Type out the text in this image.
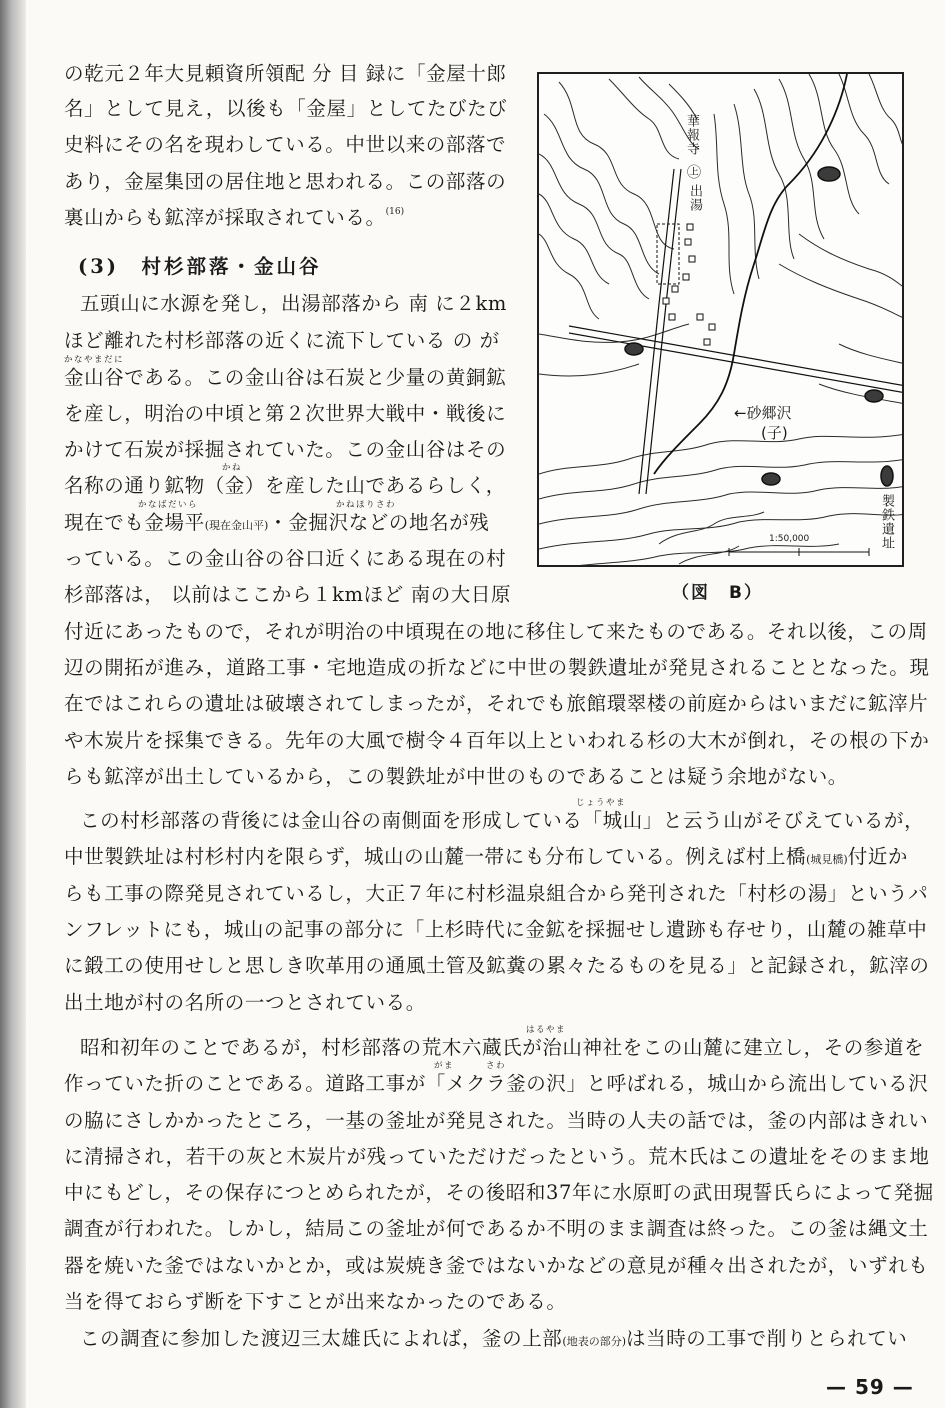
の乾元２年大見頼資所領配 分 目 録に「金屋十郎
名」として見え，以後も「金屋」としてたびたび
史料にその名を現わしている。中世以来の部落で
あり，金屋集団の居住地と思われる。この部落の
裏山からも鉱滓が採取されている。$^{(16)}$
(3)　村杉部落・金山谷
五頭山に水源を発し，出湯部落から 南 に２km
ほど離れた村杉部落の近くに流下している の が
かなやまだに
金山谷である。この金山谷は石炭と少量の黄銅鉱
を産し，明治の中頃と第２次世界大戦中・戦後に
かけて石炭が採掘されていた。この金山谷はその
かね
名称の通り鉱物（金）を産した山であるらしく，
かなばだいら	かねほりさわ
現在でも金場平(現在金山平)・金掘沢などの地名が残
っている。この金山谷の谷口近くにある現在の村
杉部落は， 以前はここから１kmほど 南の大日原
付近にあったもので，それが明治の中頃現在の地に移住して来たものである。それ以後，この周
辺の開拓が進み，道路工事・宅地造成の折などに中世の製鉄遺址が発見されることとなった。現
在ではこれらの遺址は破壊されてしまったが，それでも旅館環翠楼の前庭からはいまだに鉱滓片
や木炭片を採集できる。先年の大風で樹令４百年以上といわれる杉の大木が倒れ，その根の下か
らも鉱滓が出土しているから，この製鉄址が中世のものであることは疑う余地がない。
じょうやま
この村杉部落の背後には金山谷の南側面を形成している「城山」と云う山がそびえているが，
中世製鉄址は村杉村内を限らず，城山の山麓一帯にも分布している。例えば村上橋(城見橋)付近か
らも工事の際発見されているし，大正７年に村杉温泉組合から発刊された「村杉の湯」というパ
ンフレットにも，城山の記事の部分に「上杉時代に金鉱を採掘せし遺跡も存せり，山麓の雑草中
に鍛工の使用せしと思しき吹革用の通風土管及鉱糞の累々たるものを見る」と記録され，鉱滓の
出土地が村の名所の一つとされている。
はるやま
昭和初年のことであるが，村杉部落の荒木六蔵氏が治山神社をこの山麓に建立し，その参道を
がま	さわ
作っていた折のことである。道路工事が「メクラ釜の沢」と呼ばれる，城山から流出している沢
の脇にさしかかったところ，一基の釜址が発見された。当時の人夫の話では，釜の内部はきれい
に清掃され，若干の灰と木炭片が残っていただけだったという。荒木氏はこの遺址をそのまま地
中にもどし，その保存につとめられたが，その後昭和37年に水原町の武田現誓氏らによって発掘
調査が行われた。しかし，結局この釜址が何であるか不明のまま調査は終った。この釜は縄文土
器を焼いた釜ではないかとか，或は炭焼き釜ではないかなどの意見が種々出されたが，いずれも
当を得ておらず断を下すことが出来なかったのである。
この調査に参加した渡辺三太雄氏によれば，釜の上部(地表の部分)は当時の工事で削りとられてい
華報寺
㊤
出湯
←砂郷沢
(子)
製鉄遺址
1:50,000
（図　B）
— 59 —
